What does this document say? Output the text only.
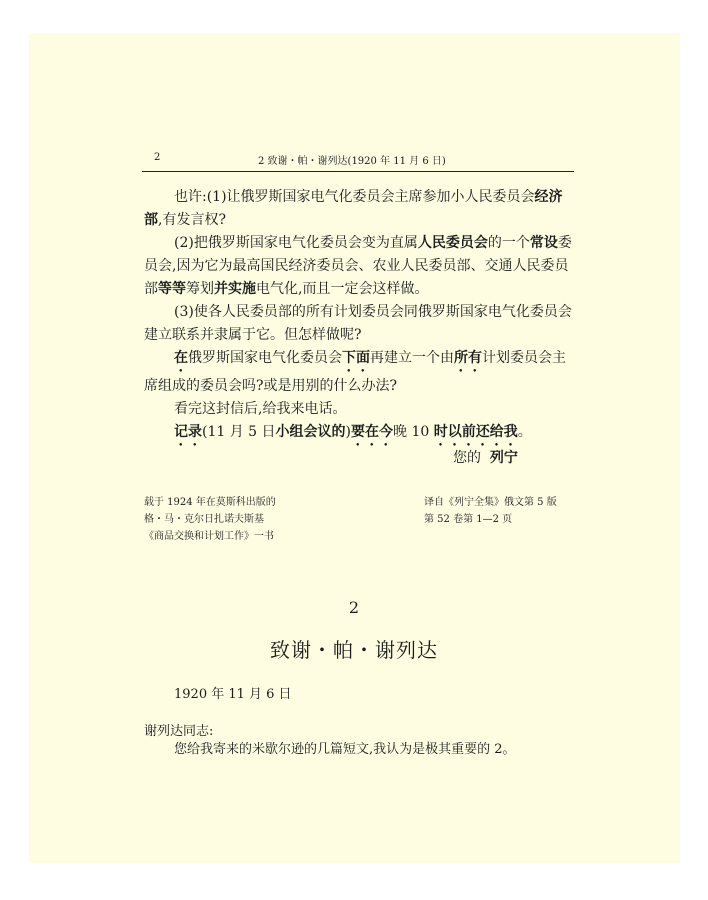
2	2 致谢・帕・谢列达(1920 年 11 月 6 日)

也许:(1)让俄罗斯国家电气化委员会主席参加小人民委员会经济部,有发言权?

(2)把俄罗斯国家电气化委员会变为直属人民委员会的一个常设委员会,因为它为最高国民经济委员会、农业人民委员部、交通人民委员部等等筹划并实施电气化,而且一定会这样做。

(3)使各人民委员部的所有计划委员会同俄罗斯国家电气化委员会建立联系并隶属于它。但怎样做呢?

在俄罗斯国家电气化委员会下面再建立一个由所有计划委员会主席组成的委员会吗?或是用别的什么办法?

看完这封信后,给我来电话。

记录(11 月 5 日小组会议的)要在今晚 10 时以前还给我。

您的  列宁
载于 1924 年在莫斯科出版的
格・马・克尔日扎诺夫斯基
《商品交换和计划工作》一书
译自《列宁全集》俄文第 5 版
第 52 卷第 1—2 页
2
致谢・帕・谢列达
1920 年 11 月 6 日
谢列达同志:
您给我寄来的米歇尔逊的几篇短文,我认为是极其重要的 2。
